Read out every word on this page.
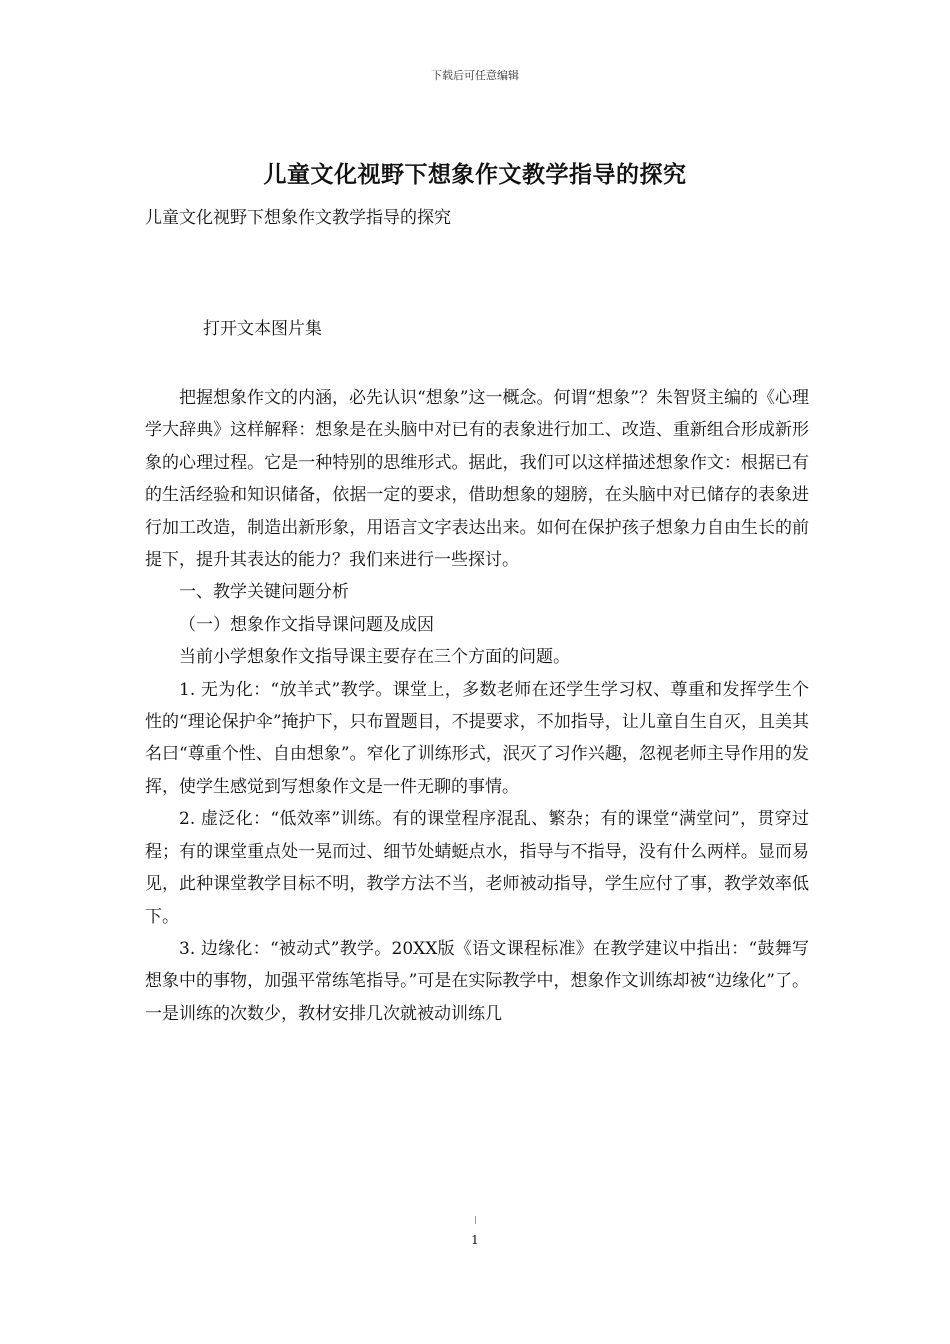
下载后可任意编辑
儿童文化视野下想象作文教学指导的探究
儿童文化视野下想象作文教学指导的探究
打开文本图片集

把握想象作文的内涵，必先认识“想象”这一概念。何谓“想象”？朱智贤主编的《心理学大辞典》这样解释：想象是在头脑中对已有的表象进行加工、改造、重新组合形成新形象的心理过程。它是一种特别的思维形式。据此，我们可以这样描述想象作文：根据已有的生活经验和知识储备，依据一定的要求，借助想象的翅膀，在头脑中对已储存的表象进行加工改造，制造出新形象，用语言文字表达出来。如何在保护孩子想象力自由生长的前提下，提升其表达的能力？我们来进行一些探讨。

一、教学关键问题分析

（一）想象作文指导课问题及成因

当前小学想象作文指导课主要存在三个方面的问题。

1. 无为化：“放羊式”教学。课堂上，多数老师在还学生学习权、尊重和发挥学生个性的“理论保护伞”掩护下，只布置题目，不提要求，不加指导，让儿童自生自灭，且美其名曰“尊重个性、自由想象”。窄化了训练形式，泯灭了习作兴趣，忽视老师主导作用的发挥，使学生感觉到写想象作文是一件无聊的事情。

2. 虚泛化：“低效率”训练。有的课堂程序混乱、繁杂；有的课堂“满堂问”，贯穿过程；有的课堂重点处一晃而过、细节处蜻蜓点水，指导与不指导，没有什么两样。显而易见，此种课堂教学目标不明，教学方法不当，老师被动指导，学生应付了事，教学效率低下。

3. 边缘化：“被动式”教学。20XX版《语文课程标准》在教学建议中指出：“鼓舞写想象中的事物，加强平常练笔指导。”可是在实际教学中，想象作文训练却被“边缘化”了。一是训练的次数少，教材安排几次就被动训练几

1
